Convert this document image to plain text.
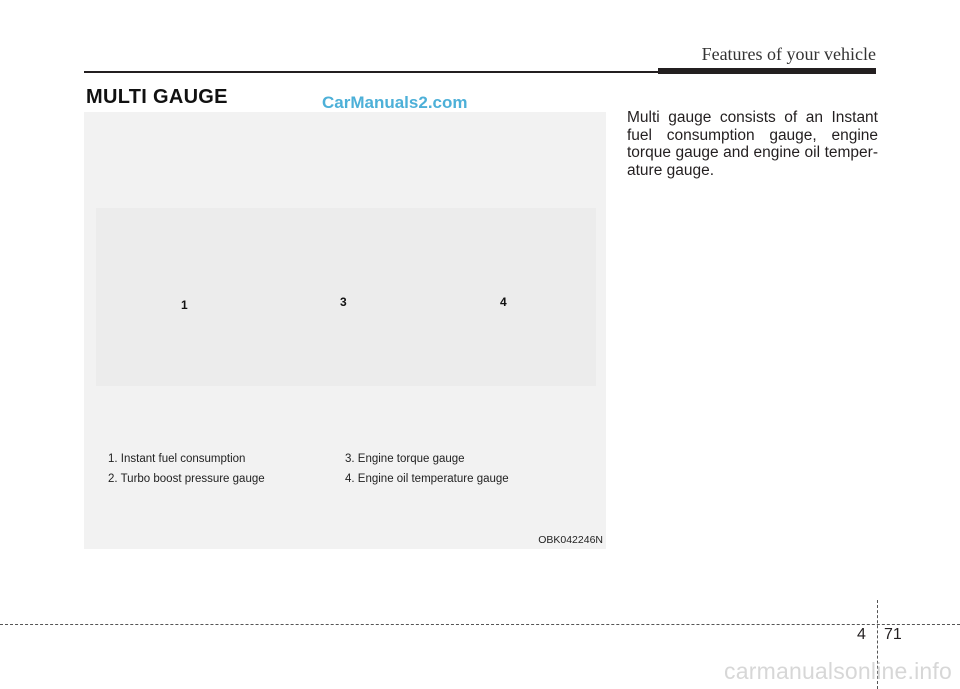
Features of your vehicle
MULTI GAUGE	CarManuals2.com
1	3	4
1. Instant fuel consumption
2. Turbo boost pressure gauge
3. Engine torque gauge
4. Engine oil temperature gauge
OBK042246N
Multi gauge consists of an Instant fuel consumption gauge, engine torque gauge and engine oil temper-ature gauge.
4 71
carmanualsonline.info
